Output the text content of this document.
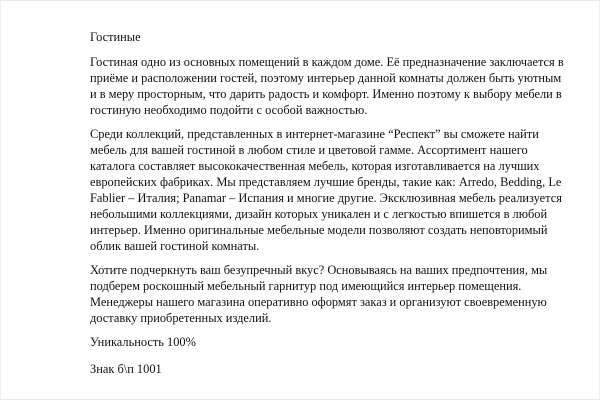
Гостиные

Гостиная одно из основных помещений в каждом доме. Её предназначение заключается в приёме и расположении гостей, поэтому интерьер данной комнаты должен быть уютным и в меру просторным, что дарить радость и комфорт. Именно поэтому к выбору мебели в гостиную необходимо подойти с особой важностью.

Среди коллекций, представленных в интернет-магазине “Респект” вы сможете найти мебель для вашей гостиной в любом стиле и цветовой гамме. Ассортимент нашего каталога составляет высококачественная мебель, которая изготавливается на лучших европейских фабриках. Мы представляем лучшие бренды, такие как: Arredo, Bedding, Le Fablier – Италия; Panamar – Испания и многие другие. Эксклюзивная мебель реализуется небольшими коллекциями, дизайн которых уникален и с легкостью впишется в любой интерьер. Именно оригинальные мебельные модели позволяют создать неповторимый облик вашей гостиной комнаты.

Хотите подчеркнуть ваш безупречный вкус? Основываясь на ваших предпочтения, мы подберем роскошный мебельный гарнитур под имеющийся интерьер помещения. Менеджеры нашего магазина оперативно оформят заказ и организуют своевременную доставку приобретенных изделий.

Уникальность 100%
Знак б\п 1001
